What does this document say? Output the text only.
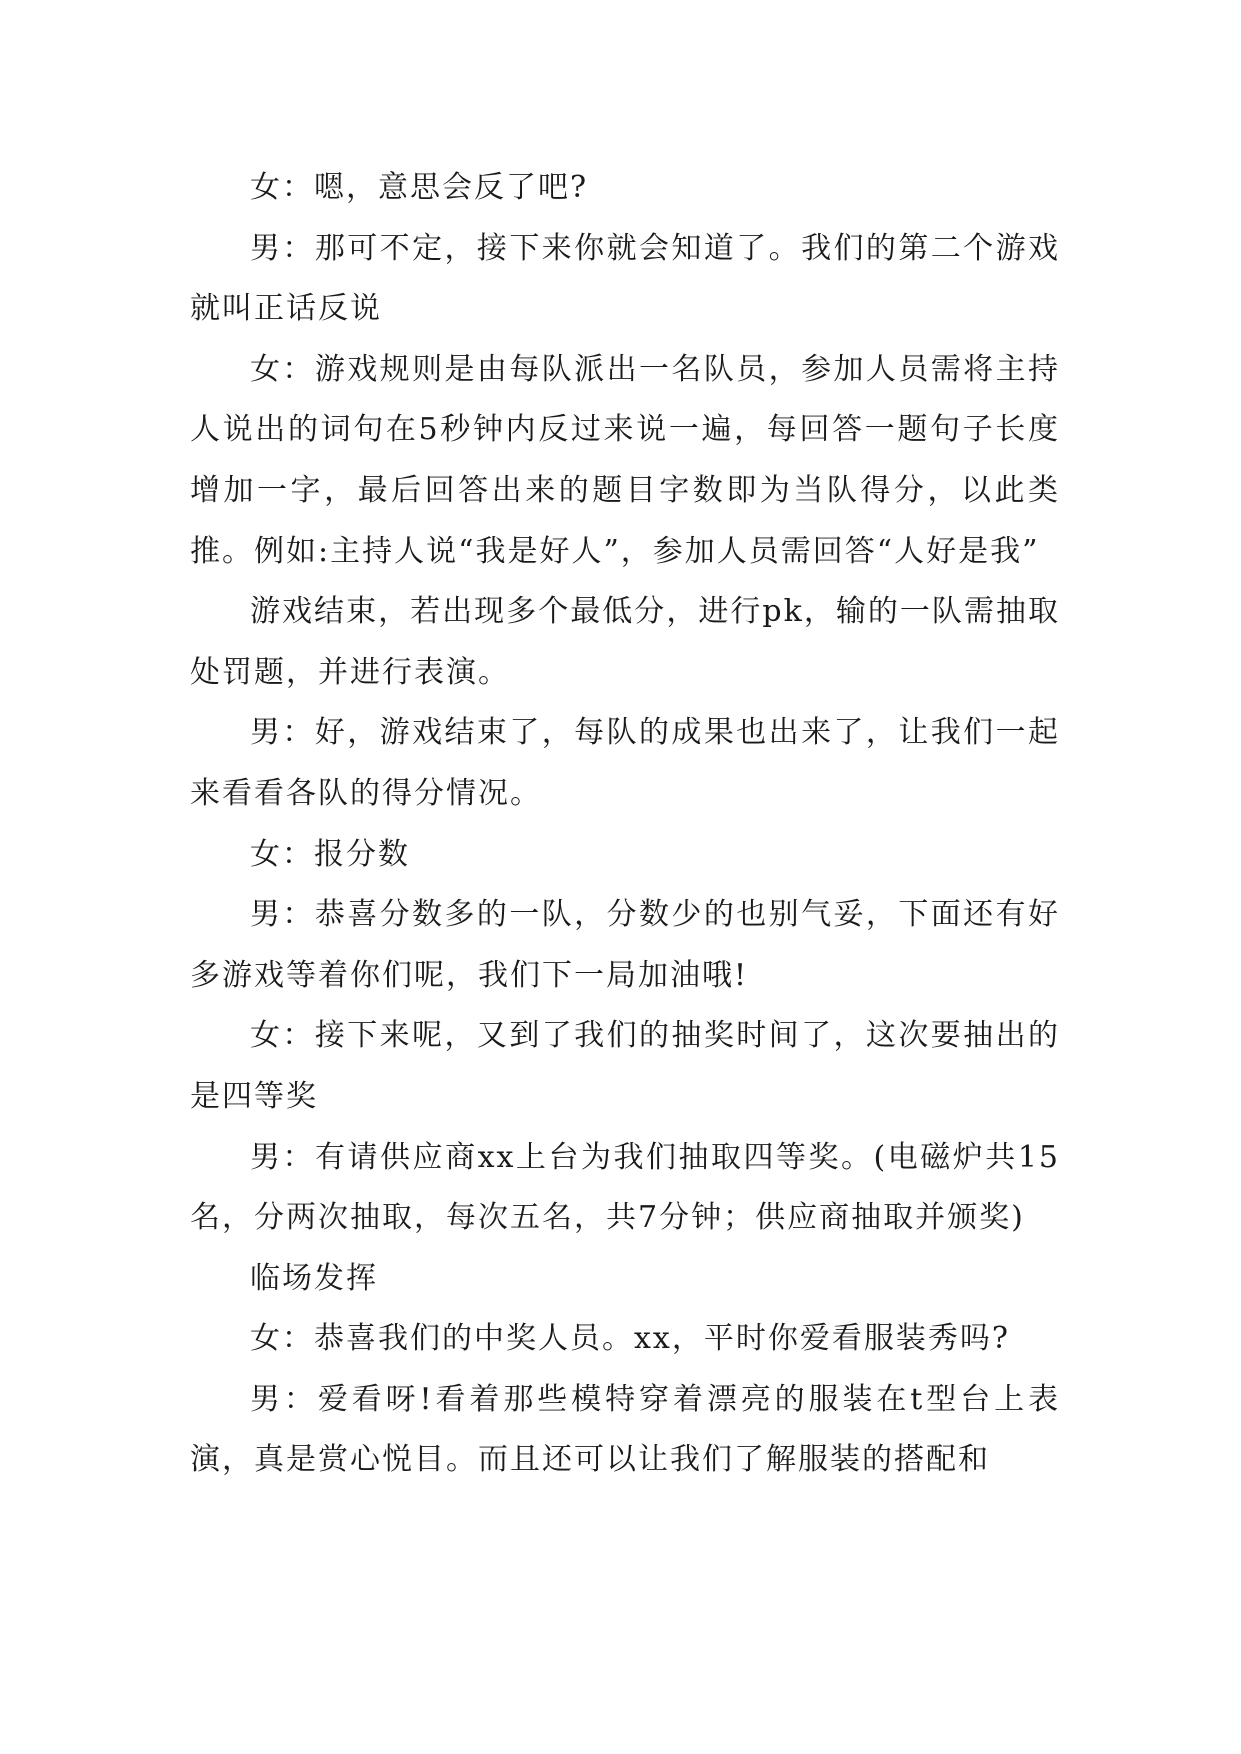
女：嗯，意思会反了吧?

男：那可不定，接下来你就会知道了。我们的第二个游戏就叫正话反说

女：游戏规则是由每队派出一名队员，参加人员需将主持人说出的词句在5秒钟内反过来说一遍，每回答一题句子长度增加一字，最后回答出来的题目字数即为当队得分，以此类推。例如:主持人说“我是好人”，参加人员需回答“人好是我”

游戏结束，若出现多个最低分，进行pk，输的一队需抽取处罚题，并进行表演。

男：好，游戏结束了，每队的成果也出来了，让我们一起来看看各队的得分情况。

女：报分数

男：恭喜分数多的一队，分数少的也别气妥，下面还有好多游戏等着你们呢，我们下一局加油哦!

女：接下来呢，又到了我们的抽奖时间了，这次要抽出的是四等奖

男：有请供应商xx上台为我们抽取四等奖。(电磁炉共15名，分两次抽取，每次五名，共7分钟；供应商抽取并颁奖)

临场发挥

女：恭喜我们的中奖人员。xx，平时你爱看服装秀吗?

男：爱看呀!看着那些模特穿着漂亮的服装在t型台上表演，真是赏心悦目。而且还可以让我们了解服装的搭配和
